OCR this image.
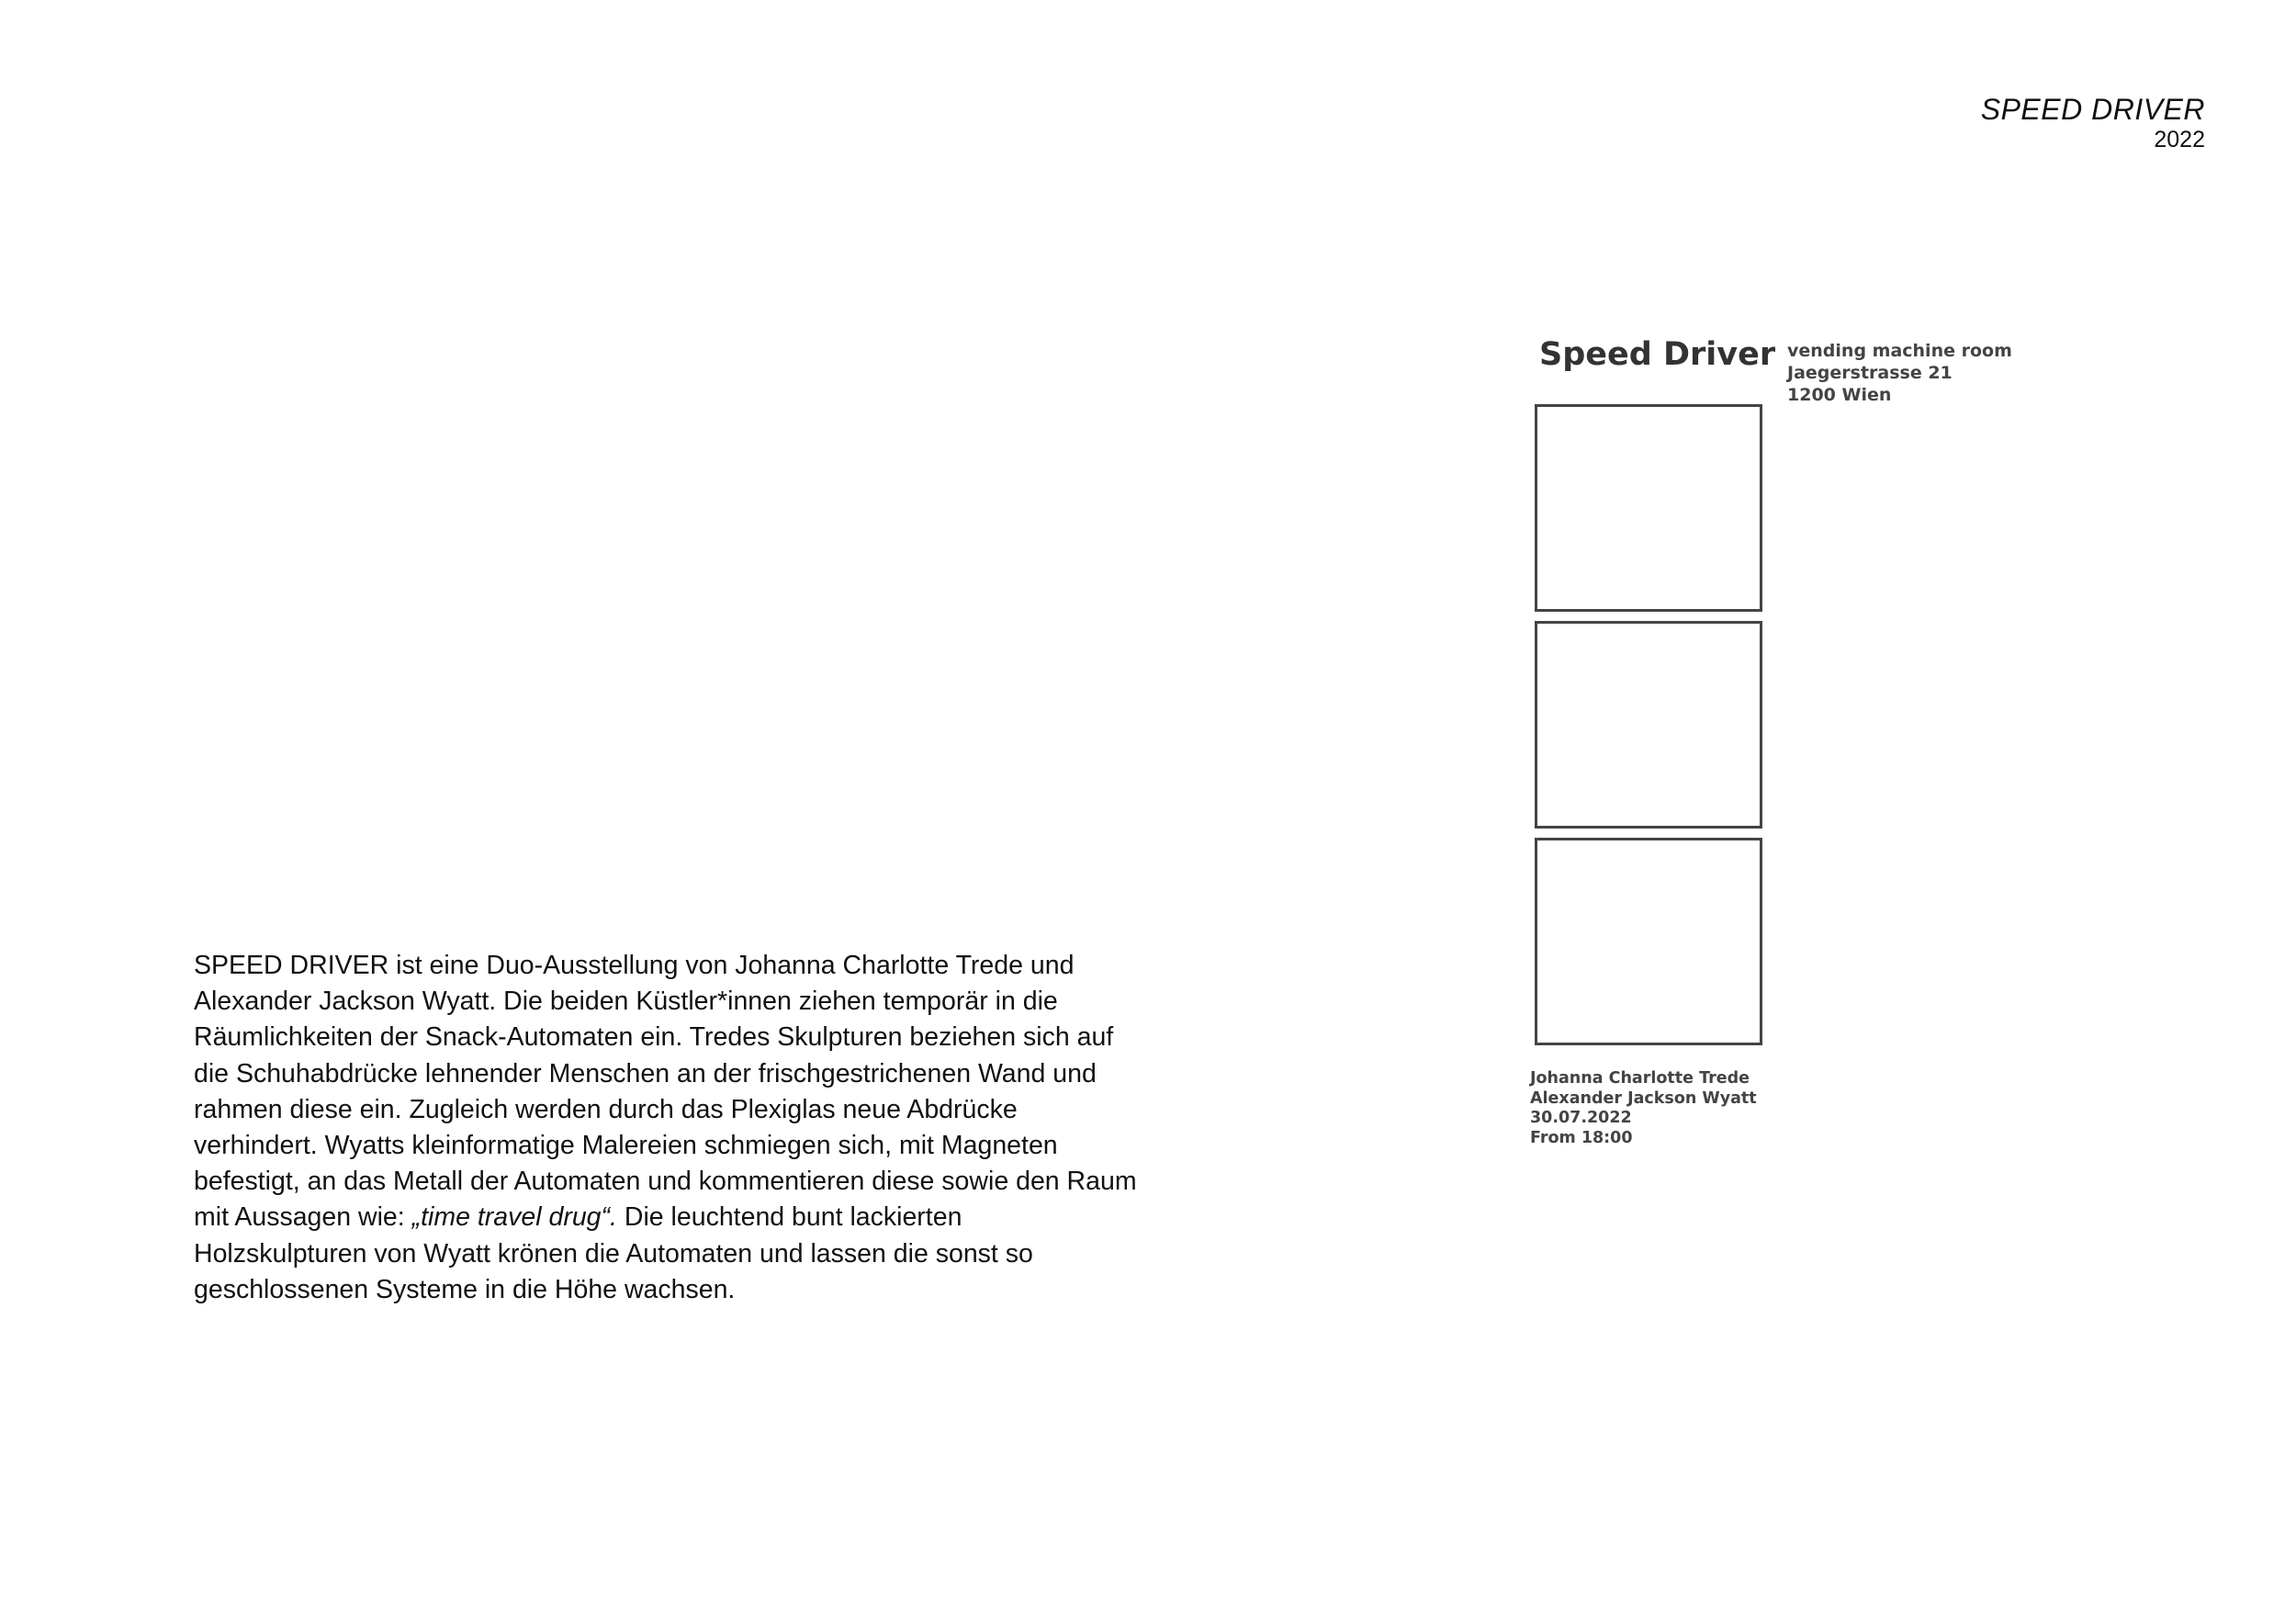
SPEED DRIVER
2022
SPEED DRIVER ist eine Duo-Ausstellung von Johanna Charlotte Trede und Alexander Jackson Wyatt. Die beiden Küstler*innen ziehen temporär in die Räumlichkeiten der Snack-Automaten ein. Tredes Skulpturen beziehen sich auf die Schuhabdrücke lehnender Menschen an der frischgestrichenen Wand und rahmen diese ein. Zugleich werden durch das Plexiglas neue Abdrücke verhindert. Wyatts kleinformatige Malereien schmiegen sich, mit Magneten befestigt, an das Metall der Automaten und kommentieren diese sowie den Raum mit Aussagen wie: „time travel drug“. Die leuchtend bunt lackierten Holzskulpturen von Wyatt krönen die Automaten und lassen die sonst so geschlossenen Systeme in die Höhe wachsen.
Speed Driver vending machine room
Jaegerstrasse 21
1200 Wien
Johanna Charlotte Trede
Alexander Jackson Wyatt
30.07.2022
From 18:00
